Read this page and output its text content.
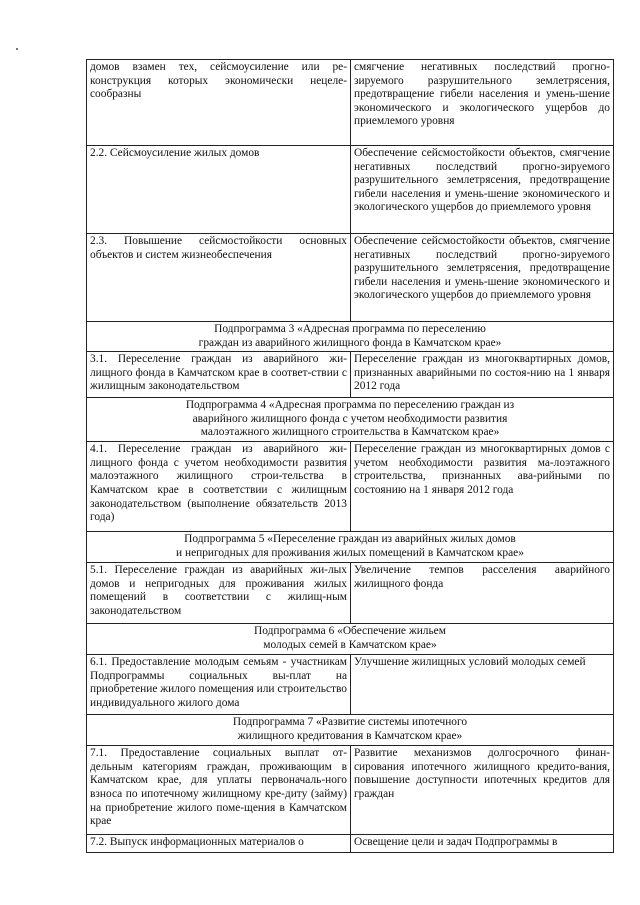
домов взамен тех, сейсмоусиление или ре-конструкция которых экономически нецеле-сообразны	смягчение негативных последствий прогно-зируемого разрушительного землетрясения, предотвращение гибели населения и умень-шение экономического и экологического ущербов до приемлемого уровня
2.2. Сейсмоусиление жилых домов	Обеспечение сейсмостойкости объектов, смягчение негативных последствий прогно-зируемого разрушительного землетрясения, предотвращение гибели населения и умень-шение экономического и экологического ущербов до приемлемого уровня
2.3. Повышение сейсмостойкости основных объектов и систем жизнеобеспечения	Обеспечение сейсмостойкости объектов, смягчение негативных последствий прогно-зируемого разрушительного землетрясения, предотвращение гибели населения и умень-шение экономического и экологического ущербов до приемлемого уровня

Подпрограмма 3 «Адресная программа по переселению
граждан из аварийного жилищного фонда в Камчатском крае»	

3.1. Переселение граждан из аварийного жи-лищного фонда в Камчатском крае в соответ-ствии с жилищным законодательством	Переселение граждан из многоквартирных домов, признанных аварийными по состоя-нию на 1 января 2012 года

Подпрограмма 4 «Адресная программа по переселению граждан из
аварийного жилищного фонда с учетом необходимости развития
малоэтажного жилищного строительства в Камчатском крае»	

4.1. Переселение граждан из аварийного жи-лищного фонда с учетом необходимости развития малоэтажного жилищного строи-тельства в Камчатском крае в соответствии с жилищным законодательством (выполнение обязательств 2013 года)	Переселение граждан из многоквартирных домов с учетом необходимости развития ма-лоэтажного строительства, признанных ава-рийными по состоянию на 1 января 2012 года

Подпрограмма 5 «Переселение граждан из аварийных жилых домов
и непригодных для проживания жилых помещений в Камчатском крае»	

5.1. Переселение граждан из аварийных жи-лых домов и непригодных для проживания жилых помещений в соответствии с жилищ-ным законодательством	Увеличение темпов расселения аварийного жилищного фонда

Подпрограмма 6 «Обеспечение жильем
молодых семей в Камчатском крае»	

6.1. Предоставление молодым семьям - участникам Подпрограммы социальных вы-плат на приобретение жилого помещения или строительство индивидуального жилого дома	Улучшение жилищных условий молодых семей

Подпрограмма 7 «Развитие системы ипотечного
жилищного кредитования в Камчатском крае»	

7.1. Предоставление социальных выплат от-дельным категориям граждан, проживающим в Камчатском крае, для уплаты первоначаль-ного взноса по ипотечному жилищному кре-диту (займу) на приобретение жилого поме-щения в Камчатском крае	Развитие механизмов долгосрочного финан-сирования ипотечного жилищного кредито-вания, повышение доступности ипотечных кредитов для граждан
7.2. Выпуск информационных материалов о	Освещение цели и задач Подпрограммы в
